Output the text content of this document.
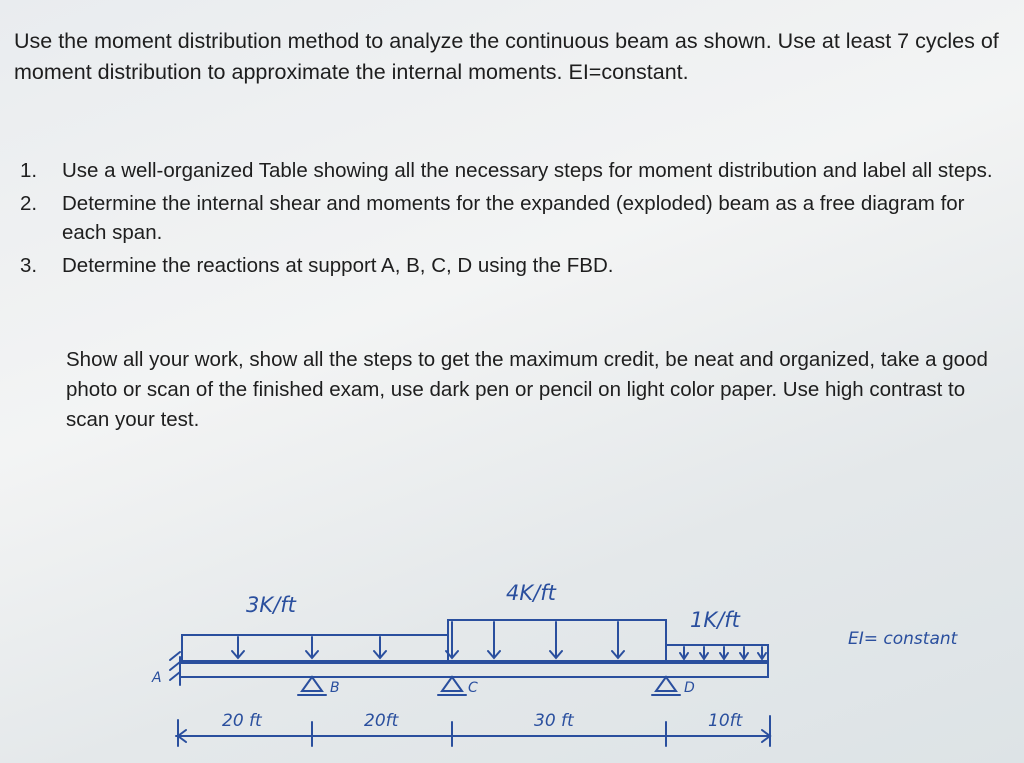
Use the moment distribution method to analyze the continuous beam as shown. Use at least 7 cycles of moment distribution to approximate the internal moments. EI=constant.

1. Use a well-organized Table showing all the necessary steps for moment distribution and label all steps.
2. Determine the internal shear and moments for the expanded (exploded) beam as a free diagram for each span.
3. Determine the reactions at support A, B, C, D using the FBD.

Show all your work, show all the steps to get the maximum credit, be neat and organized, take a good photo or scan of the finished exam, use dark pen or pencil on light color paper. Use high contrast to scan your test.

3K/ft	4K/ft
1K/ft
EI= constant
A
B	C	D
20 ft	20ft	30 ft	10ft
